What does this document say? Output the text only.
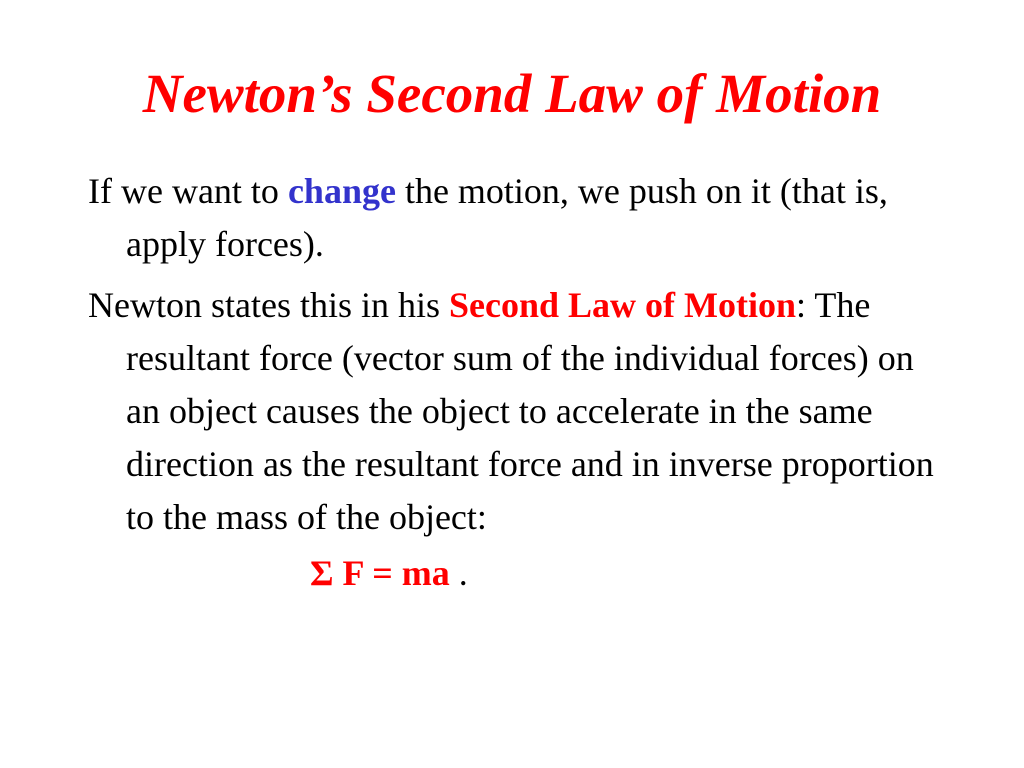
Newton’s Second Law of Motion

If we want to change the motion, we push on it (that is, apply forces).

Newton states this in his Second Law of Motion: The resultant force (vector sum of the individual forces) on an object causes the object to accelerate in the same direction as the resultant force and in inverse proportion to the mass of the object:

Σ F = ma .
